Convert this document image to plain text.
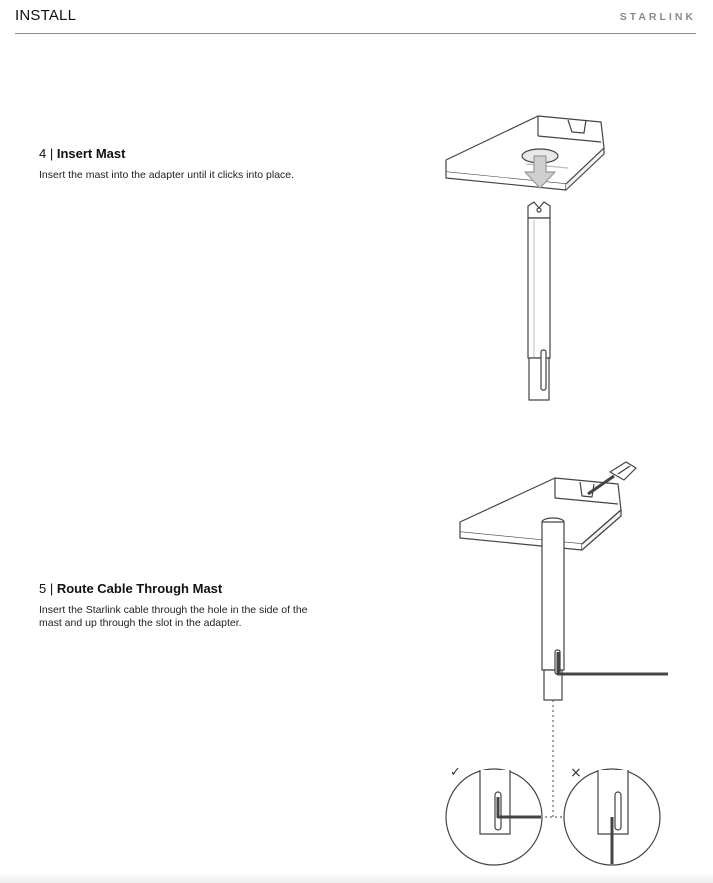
INSTALL	STARLINK

4 | Insert Mast

Insert the mast into the adapter until it clicks into place.

5 | Route Cable Through Mast

Insert the Starlink cable through the hole in the side of the mast and up through the slot in the adapter.

✓	×
